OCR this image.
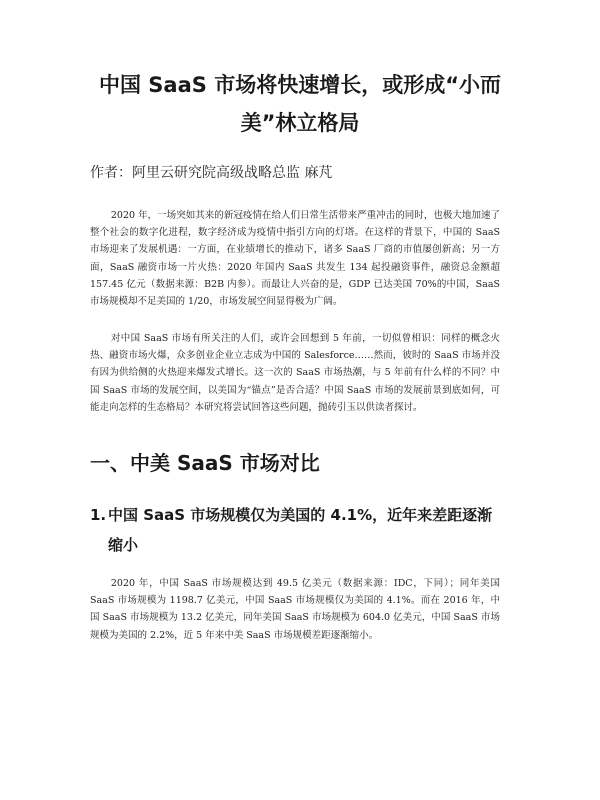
中国 SaaS 市场将快速增长，或形成“小而美”林立格局

作者：阿里云研究院高级战略总监 麻芃

2020 年，一场突如其来的新冠疫情在给人们日常生活带来严重冲击的同时，也极大地加速了整个社会的数字化进程，数字经济成为疫情中指引方向的灯塔。在这样的背景下，中国的 SaaS 市场迎来了发展机遇：一方面，在业绩增长的推动下，诸多 SaaS 厂商的市值屡创新高；另一方面，SaaS 融资市场一片火热：2020 年国内 SaaS 共发生 134 起投融资事件，融资总金额超 157.45 亿元（数据来源：B2B 内参）。而最让人兴奋的是，GDP 已达美国 70%的中国，SaaS 市场规模却不足美国的 1/20，市场发展空间显得极为广阔。

对中国 SaaS 市场有所关注的人们，或许会回想到 5 年前，一切似曾相识：同样的概念火热、融资市场火爆，众多创业企业立志成为中国的 Salesforce……然而，彼时的 SaaS 市场并没有因为供给侧的火热迎来爆发式增长。这一次的 SaaS 市场热潮，与 5 年前有什么样的不同？中国 SaaS 市场的发展空间，以美国为“锚点”是否合适？中国 SaaS 市场的发展前景到底如何，可能走向怎样的生态格局？本研究将尝试回答这些问题，抛砖引玉以供读者探讨。

一、中美 SaaS 市场对比
1. 中国 SaaS 市场规模仅为美国的 4.1%，近年来差距逐渐缩小

2020 年，中国 SaaS 市场规模达到 49.5 亿美元（数据来源：IDC，下同）；同年美国 SaaS 市场规模为 1198.7 亿美元，中国 SaaS 市场规模仅为美国的 4.1%。而在 2016 年，中国 SaaS 市场规模为 13.2 亿美元，同年美国 SaaS 市场规模为 604.0 亿美元，中国 SaaS 市场规模为美国的 2.2%，近 5 年来中美 SaaS 市场规模差距逐渐缩小。
